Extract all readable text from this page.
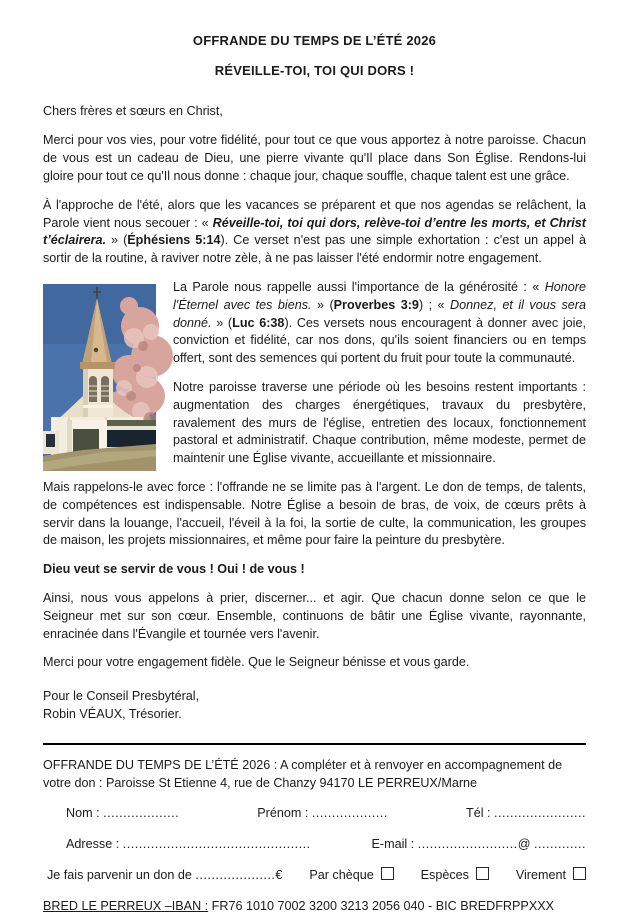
OFFRANDE DU TEMPS DE L’ÉTÉ 2026

RÉVEILLE-TOI, TOI QUI DORS !

Chers frères et sœurs en Christ,

Merci pour vos vies, pour votre fidélité, pour tout ce que vous apportez à notre paroisse. Chacun de vous est un cadeau de Dieu, une pierre vivante qu'Il place dans Son Église. Rendons-lui gloire pour tout ce qu'Il nous donne : chaque jour, chaque souffle, chaque talent est une grâce.

À l'approche de l'été, alors que les vacances se préparent et que nos agendas se relâchent, la Parole vient nous secouer : « Réveille-toi, toi qui dors, relève-toi d’entre les morts, et Christ t’éclairera. » (Éphésiens 5:14). Ce verset n'est pas une simple exhortation : c'est un appel à sortir de la routine, à raviver notre zèle, à ne pas laisser l'été endormir notre engagement.

La Parole nous rappelle aussi l'importance de la générosité : « Honore l'Éternel avec tes biens. » (Proverbes 3:9) ; « Donnez, et il vous sera donné. » (Luc 6:38). Ces versets nous encouragent à donner avec joie, conviction et fidélité, car nos dons, qu'ils soient financiers ou en temps offert, sont des semences qui portent du fruit pour toute la communauté.

Notre paroisse traverse une période où les besoins restent importants : augmentation des charges énergétiques, travaux du presbytère, ravalement des murs de l'église, entretien des locaux, fonctionnement pastoral et administratif. Chaque contribution, même modeste, permet de maintenir une Église vivante, accueillante et missionnaire.

Mais rappelons-le avec force : l'offrande ne se limite pas à l'argent. Le don de temps, de talents, de compétences est indispensable. Notre Église a besoin de bras, de voix, de cœurs prêts à servir dans la louange, l'accueil, l'éveil à la foi, la sortie de culte, la communication, les groupes de maison, les projets missionnaires, et même pour faire la peinture du presbytère.

Dieu veut se servir de vous ! Oui ! de vous !

Ainsi, nous vous appelons à prier, discerner... et agir. Que chacun donne selon ce que le Seigneur met sur son cœur. Ensemble, continuons de bâtir une Église vivante, rayonnante, enracinée dans l'Évangile et tournée vers l'avenir.

Merci pour votre engagement fidèle. Que le Seigneur bénisse et vous garde.

Pour le Conseil Presbytéral,

Robin VÉAUX, Trésorier.

OFFRANDE DU TEMPS DE L’ÉTÉ 2026 : A compléter et à renvoyer en accompagnement de votre don : Paroisse St Etienne 4, rue de Chanzy 94170 LE PERREUX/Marne

Nom : ...................	Prénom : ...................	Tél : .......................
Adresse : ...............................................	E-mail : .........................@ .............
Je fais parvenir un don de ....................€ Par chèque	Espèces	Virement
BRED LE PERREUX –IBAN : FR76 1010 7002 3200 3213 2056 040 - BIC BREDFRPPXXX
